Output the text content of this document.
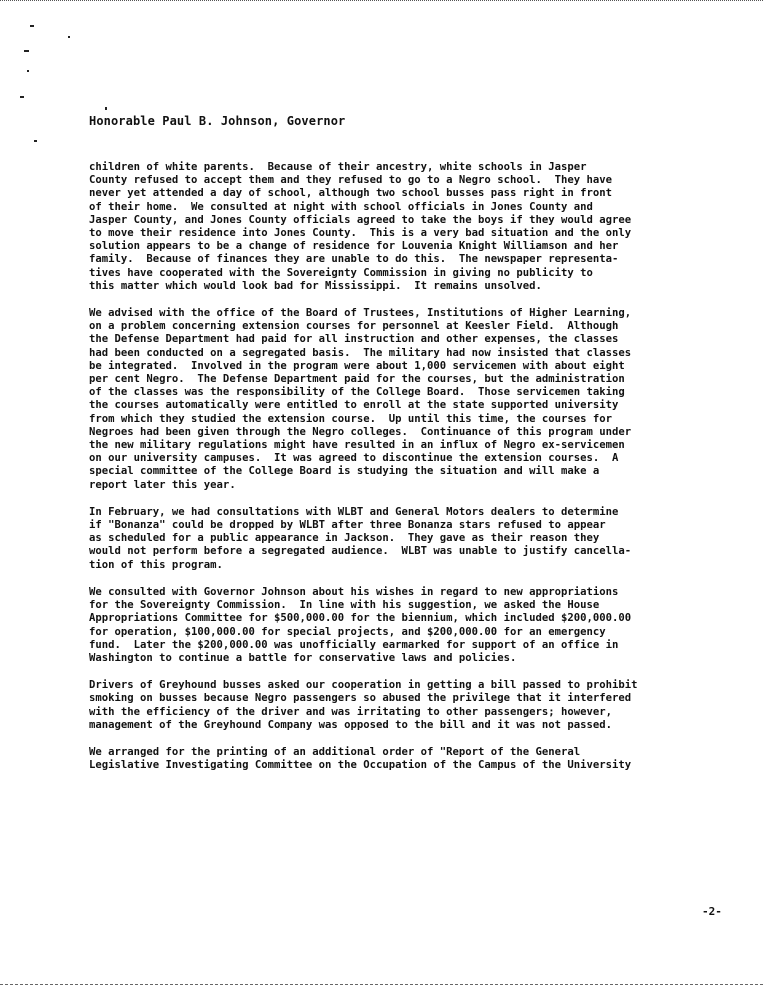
Honorable Paul B. Johnson, Governor
children of white parents.  Because of their ancestry, white schools in Jasper
County refused to accept them and they refused to go to a Negro school.  They have
never yet attended a day of school, although two school busses pass right in front
of their home.  We consulted at night with school officials in Jones County and
Jasper County, and Jones County officials agreed to take the boys if they would agree
to move their residence into Jones County.  This is a very bad situation and the only
solution appears to be a change of residence for Louvenia Knight Williamson and her
family.  Because of finances they are unable to do this.  The newspaper representa-
tives have cooperated with the Sovereignty Commission in giving no publicity to
this matter which would look bad for Mississippi.  It remains unsolved.
We advised with the office of the Board of Trustees, Institutions of Higher Learning,
on a problem concerning extension courses for personnel at Keesler Field.  Although
the Defense Department had paid for all instruction and other expenses, the classes
had been conducted on a segregated basis.  The military had now insisted that classes
be integrated.  Involved in the program were about 1,000 servicemen with about eight
per cent Negro.  The Defense Department paid for the courses, but the administration
of the classes was the responsibility of the College Board.  Those servicemen taking
the courses automatically were entitled to enroll at the state supported university
from which they studied the extension course.  Up until this time, the courses for
Negroes had been given through the Negro colleges.  Continuance of this program under
the new military regulations might have resulted in an influx of Negro ex-servicemen
on our university campuses.  It was agreed to discontinue the extension courses.  A
special committee of the College Board is studying the situation and will make a
report later this year.
In February, we had consultations with WLBT and General Motors dealers to determine
if "Bonanza" could be dropped by WLBT after three Bonanza stars refused to appear
as scheduled for a public appearance in Jackson.  They gave as their reason they
would not perform before a segregated audience.  WLBT was unable to justify cancella-
tion of this program.
We consulted with Governor Johnson about his wishes in regard to new appropriations
for the Sovereignty Commission.  In line with his suggestion, we asked the House
Appropriations Committee for $500,000.00 for the biennium, which included $200,000.00
for operation, $100,000.00 for special projects, and $200,000.00 for an emergency
fund.  Later the $200,000.00 was unofficially earmarked for support of an office in
Washington to continue a battle for conservative laws and policies.
Drivers of Greyhound busses asked our cooperation in getting a bill passed to prohibit
smoking on busses because Negro passengers so abused the privilege that it interfered
with the efficiency of the driver and was irritating to other passengers; however,
management of the Greyhound Company was opposed to the bill and it was not passed.
We arranged for the printing of an additional order of "Report of the General
Legislative Investigating Committee on the Occupation of the Campus of the University
-2-
